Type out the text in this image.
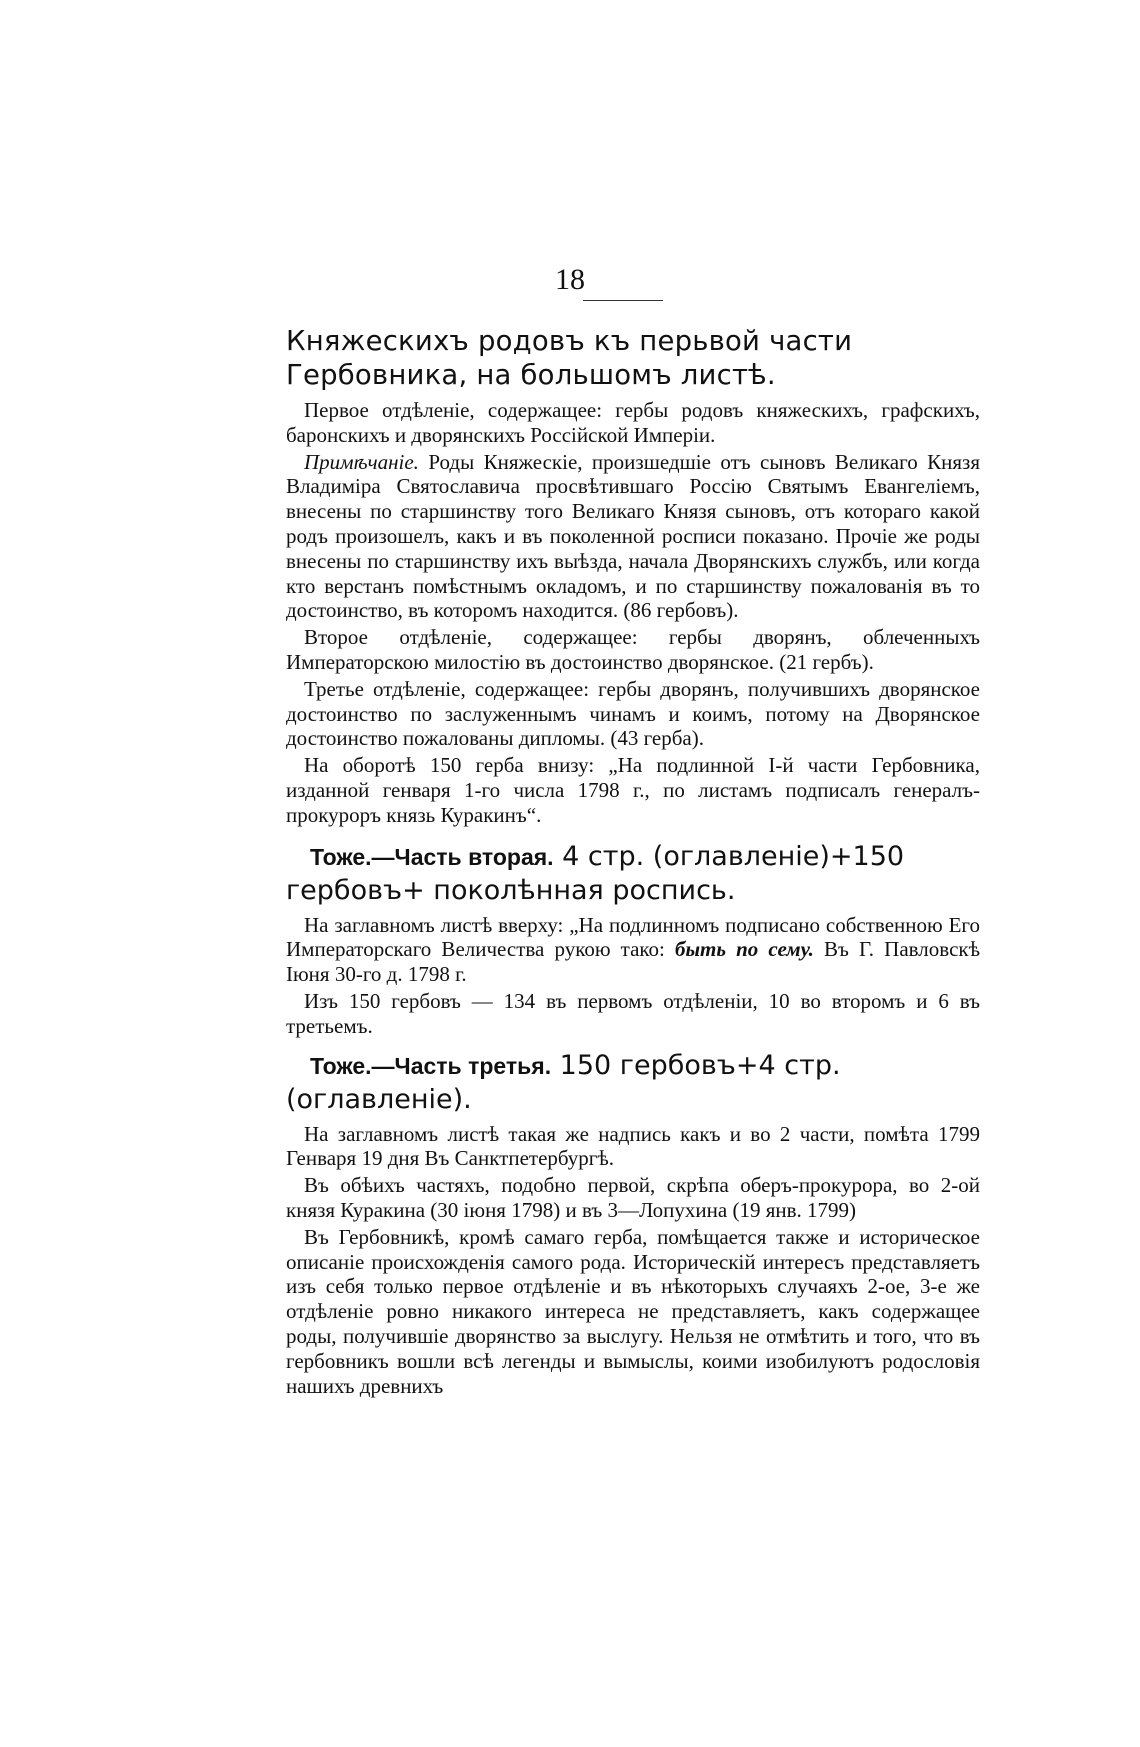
18
Княжескихъ родовъ къ перьвой части Гербовника, на большомъ листѣ.

Первое отдѣленіе, содержащее: гербы родовъ княжескихъ, графскихъ, баронскихъ и дворянскихъ Россійской Имперіи.

Примѣчаніе. Роды Княжескіе, произшедшіе отъ сыновъ Великаго Князя Владиміра Святославича просвѣтившаго Россію Святымъ Евангеліемъ, внесены по старшинству того Великаго Князя сыновъ, отъ котораго какой родъ произошелъ, какъ и въ поколенной росписи показано. Прочіе же роды внесены по старшинству ихъ выѣзда, начала Дворянскихъ службъ, или когда кто верстанъ помѣстнымъ окладомъ, и по старшинству пожалованія въ то достоинство, въ которомъ находится. (86 гербовъ).

Второе отдѣленіе, содержащее: гербы дворянъ, облеченныхъ Императорскою милостію въ достоинство дворянское. (21 гербъ).

Третье отдѣленіе, содержащее: гербы дворянъ, получившихъ дворянское достоинство по заслуженнымъ чинамъ и коимъ, потому на Дворянское достоинство пожалованы дипломы. (43 герба).

На оборотѣ 150 герба внизу: „На подлинной I-й части Гербовника, изданной генваря 1-го числа 1798 г., по листамъ подписалъ генералъ-прокуроръ князь Куракинъ“.

Тоже.—Часть вторая. 4 стр. (оглавленіе)+150 гербовъ+ поколѣнная роспись.

На заглавномъ листѣ вверху: „На подлинномъ подписано собственною Его Императорскаго Величества рукою тако: быть по сему. Въ Г. Павловскѣ Іюня 30-го д. 1798 г.

Изъ 150 гербовъ — 134 въ первомъ отдѣленіи, 10 во второмъ и 6 въ третьемъ.

Тоже.—Часть третья. 150 гербовъ+4 стр. (оглавленіе).

На заглавномъ листѣ такая же надпись какъ и во 2 части, помѣта 1799 Генваря 19 дня Въ Санктпетербургѣ.

Въ обѣихъ частяхъ, подобно первой, скрѣпа оберъ-прокурора, во 2-ой князя Куракина (30 іюня 1798) и въ 3—Лопухина (19 янв. 1799)

Въ Гербовникѣ, кромѣ самаго герба, помѣщается также и историческое описаніе происхожденія самого рода. Историческій интересъ представляетъ изъ себя только первое отдѣленіе и въ нѣкоторыхъ случаяхъ 2-ое, 3-е же отдѣленіе ровно никакого интереса не представляетъ, какъ содержащее роды, получившіе дворянство за выслугу. Нельзя не отмѣтить и того, что въ гербовникъ вошли всѣ легенды и вымыслы, коими изобилуютъ родословія нашихъ древнихъ
